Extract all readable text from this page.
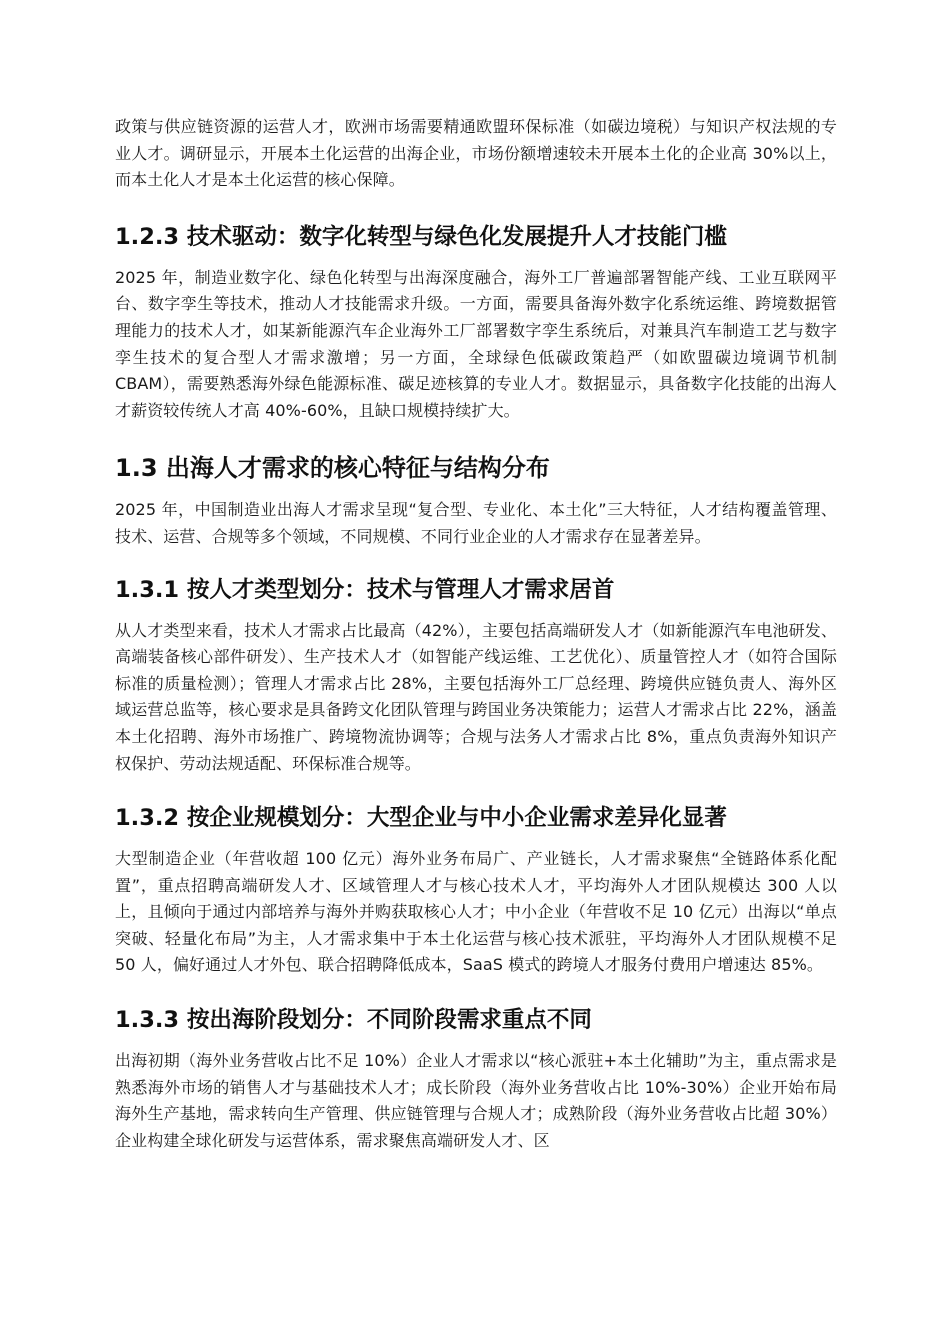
政策与供应链资源的运营人才，欧洲市场需要精通欧盟环保标准（如碳边境税）与知识产权法规的专业人才。调研显示，开展本土化运营的出海企业，市场份额增速较未开展本土化的企业高 30%以上，而本土化人才是本土化运营的核心保障。

1.2.3 技术驱动：数字化转型与绿色化发展提升人才技能门槛

2025 年，制造业数字化、绿色化转型与出海深度融合，海外工厂普遍部署智能产线、工业互联网平台、数字孪生等技术，推动人才技能需求升级。一方面，需要具备海外数字化系统运维、跨境数据管理能力的技术人才，如某新能源汽车企业海外工厂部署数字孪生系统后，对兼具汽车制造工艺与数字孪生技术的复合型人才需求激增；另一方面，全球绿色低碳政策趋严（如欧盟碳边境调节机制 CBAM），需要熟悉海外绿色能源标准、碳足迹核算的专业人才。数据显示，具备数字化技能的出海人才薪资较传统人才高 40%-60%，且缺口规模持续扩大。

1.3 出海人才需求的核心特征与结构分布

2025 年，中国制造业出海人才需求呈现“复合型、专业化、本土化”三大特征，人才结构覆盖管理、技术、运营、合规等多个领域，不同规模、不同行业企业的人才需求存在显著差异。

1.3.1 按人才类型划分：技术与管理人才需求居首

从人才类型来看，技术人才需求占比最高（42%），主要包括高端研发人才（如新能源汽车电池研发、高端装备核心部件研发）、生产技术人才（如智能产线运维、工艺优化）、质量管控人才（如符合国际标准的质量检测）；管理人才需求占比 28%，主要包括海外工厂总经理、跨境供应链负责人、海外区域运营总监等，核心要求是具备跨文化团队管理与跨国业务决策能力；运营人才需求占比 22%，涵盖本土化招聘、海外市场推广、跨境物流协调等；合规与法务人才需求占比 8%，重点负责海外知识产权保护、劳动法规适配、环保标准合规等。

1.3.2 按企业规模划分：大型企业与中小企业需求差异化显著

大型制造企业（年营收超 100 亿元）海外业务布局广、产业链长，人才需求聚焦“全链路体系化配置”，重点招聘高端研发人才、区域管理人才与核心技术人才，平均海外人才团队规模达 300 人以上，且倾向于通过内部培养与海外并购获取核心人才；中小企业（年营收不足 10 亿元）出海以“单点突破、轻量化布局”为主，人才需求集中于本土化运营与核心技术派驻，平均海外人才团队规模不足 50 人，偏好通过人才外包、联合招聘降低成本，SaaS 模式的跨境人才服务付费用户增速达 85%。

1.3.3 按出海阶段划分：不同阶段需求重点不同

出海初期（海外业务营收占比不足 10%）企业人才需求以“核心派驻+本土化辅助”为主，重点需求是熟悉海外市场的销售人才与基础技术人才；成长阶段（海外业务营收占比 10%-30%）企业开始布局海外生产基地，需求转向生产管理、供应链管理与合规人才；成熟阶段（海外业务营收占比超 30%）企业构建全球化研发与运营体系，需求聚焦高端研发人才、区
